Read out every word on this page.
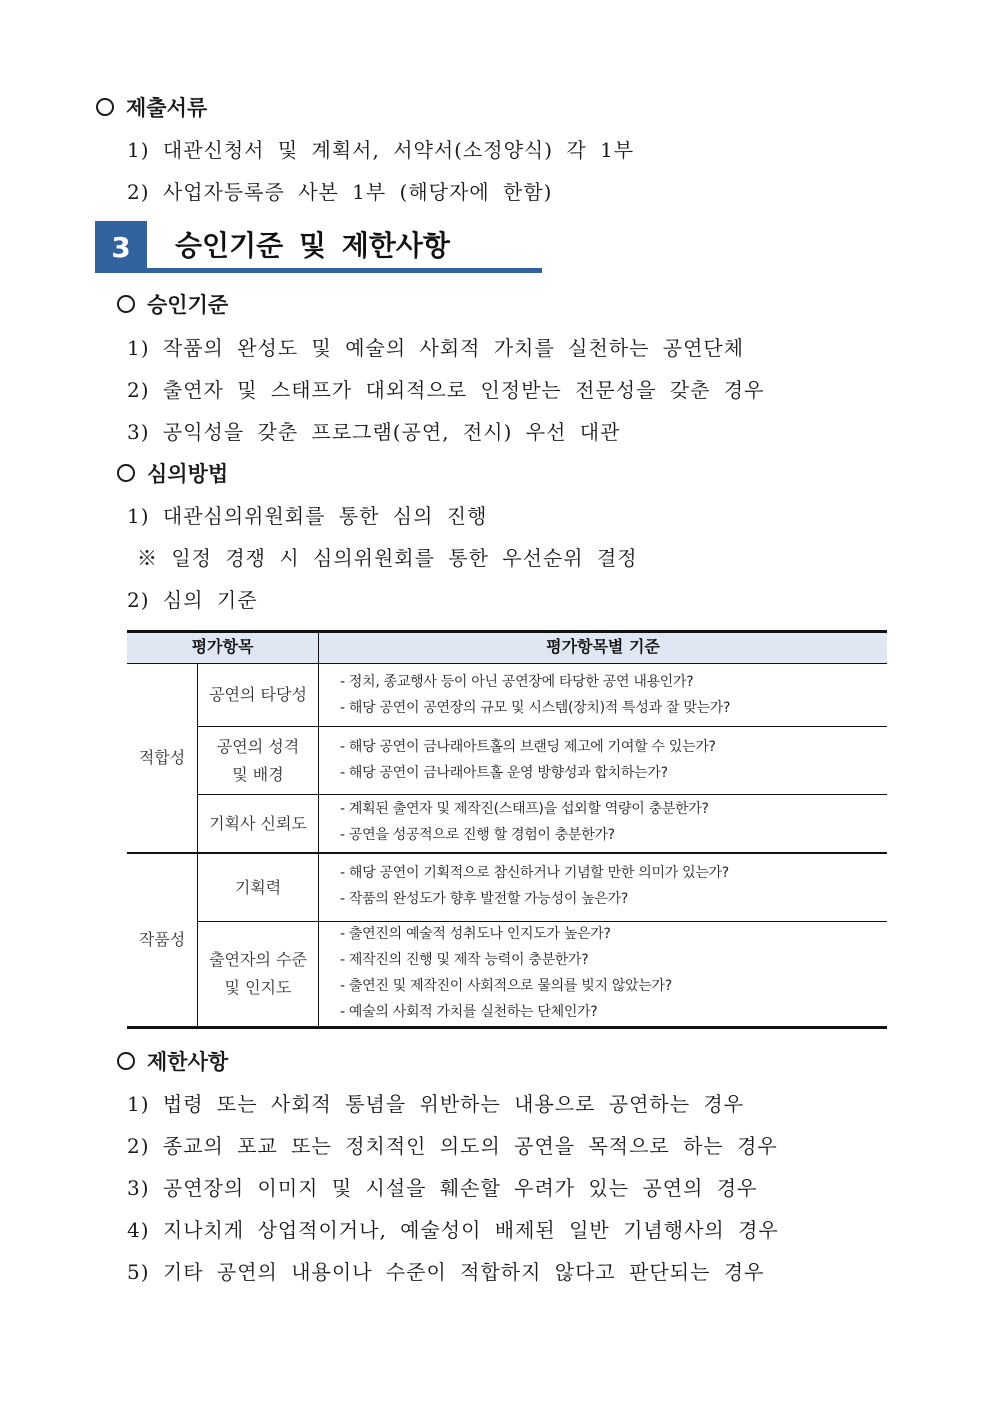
제출서류
1) 대관신청서 및 계획서, 서약서(소정양식) 각 1부
2) 사업자등록증 사본 1부 (해당자에 한함)
3	승인기준 및 제한사항
승인기준
1) 작품의 완성도 및 예술의 사회적 가치를 실천하는 공연단체
2) 출연자 및 스태프가 대외적으로 인정받는 전문성을 갖춘 경우
3) 공익성을 갖춘 프로그램(공연, 전시) 우선 대관
심의방법
1) 대관심의위원회를 통한 심의 진행
※ 일정 경쟁 시 심의위원회를 통한 우선순위 결정
2) 심의 기준
평가항목	평가항목별 기준
적합성
공연의 타당성
- 정치, 종교행사 등이 아닌 공연장에 타당한 공연 내용인가?
- 해당 공연이 공연장의 규모 및 시스템(장치)적 특성과 잘 맞는가?
공연의 성격
및 배경
- 해당 공연이 금나래아트홀의 브랜딩 제고에 기여할 수 있는가?
- 해당 공연이 금나래아트홀 운영 방향성과 합치하는가?
기획사 신뢰도
- 계획된 출연자 및 제작진(스태프)을 섭외할 역량이 충분한가?
- 공연을 성공적으로 진행 할 경험이 충분한가?
작품성
기획력
- 해당 공연이 기획적으로 참신하거나 기념할 만한 의미가 있는가?
- 작품의 완성도가 향후 발전할 가능성이 높은가?
출연자의 수준
및 인지도
- 출연진의 예술적 성취도나 인지도가 높은가?
- 제작진의 진행 및 제작 능력이 충분한가?
- 출연진 및 제작진이 사회적으로 물의를 빚지 않았는가?
- 예술의 사회적 가치를 실천하는 단체인가?
제한사항
1) 법령 또는 사회적 통념을 위반하는 내용으로 공연하는 경우
2) 종교의 포교 또는 정치적인 의도의 공연을 목적으로 하는 경우
3) 공연장의 이미지 및 시설을 훼손할 우려가 있는 공연의 경우
4) 지나치게 상업적이거나, 예술성이 배제된 일반 기념행사의 경우
5) 기타 공연의 내용이나 수준이 적합하지 않다고 판단되는 경우
